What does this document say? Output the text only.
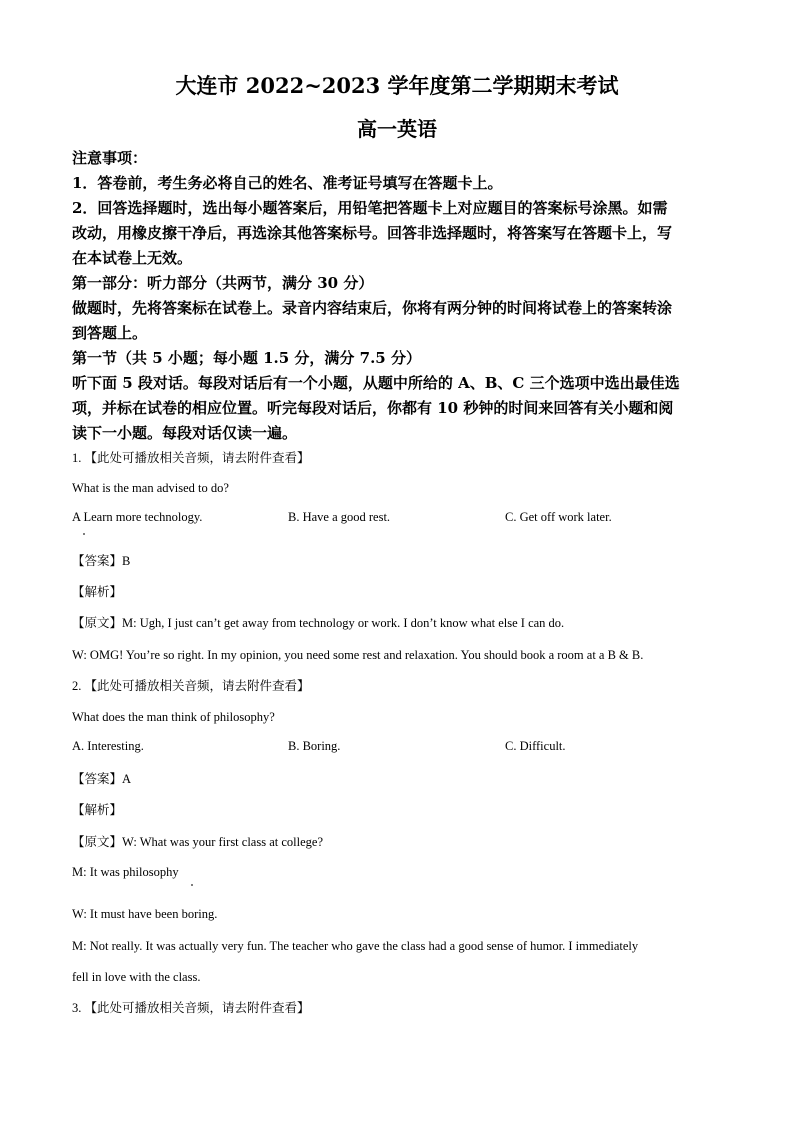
大连市 2022~2023 学年度第二学期期末考试
高一英语
注意事项：
1．答卷前，考生务必将自己的姓名、准考证号填写在答题卡上。
2．回答选择题时，选出每小题答案后，用铅笔把答题卡上对应题目的答案标号涂黑。如需
改动，用橡皮擦干净后，再选涂其他答案标号。回答非选择题时，将答案写在答题卡上，写
在本试卷上无效。
第一部分：听力部分（共两节，满分 30 分）
做题时，先将答案标在试卷上。录音内容结束后，你将有两分钟的时间将试卷上的答案转涂
到答题上。
第一节（共 5 小题；每小题 1.5 分，满分 7.5 分）
听下面 5 段对话。每段对话后有一个小题，从题中所给的 A、B、C 三个选项中选出最佳选
项，并标在试卷的相应位置。听完每段对话后，你都有 10 秒钟的时间来回答有关小题和阅
读下一小题。每段对话仅读一遍。
1. 【此处可播放相关音频，请去附件查看】
What is the man advised to do?
A Learn more technology.	B. Have a good rest.	C. Get off work later.
【答案】B
【解析】
【原文】M: Ugh, I just can’t get away from technology or work. I don’t know what else I can do.
W: OMG! You’re so right. In my opinion, you need some rest and relaxation. You should book a room at a B & B.
2. 【此处可播放相关音频，请去附件查看】
What does the man think of philosophy?
A. Interesting.	B. Boring.	C. Difficult.
【答案】A
【解析】
【原文】W: What was your first class at college?
M: It was philosophy
W: It must have been boring.
M: Not really. It was actually very fun. The teacher who gave the class had a good sense of humor. I immediately
fell in love with the class.
3. 【此处可播放相关音频，请去附件查看】
